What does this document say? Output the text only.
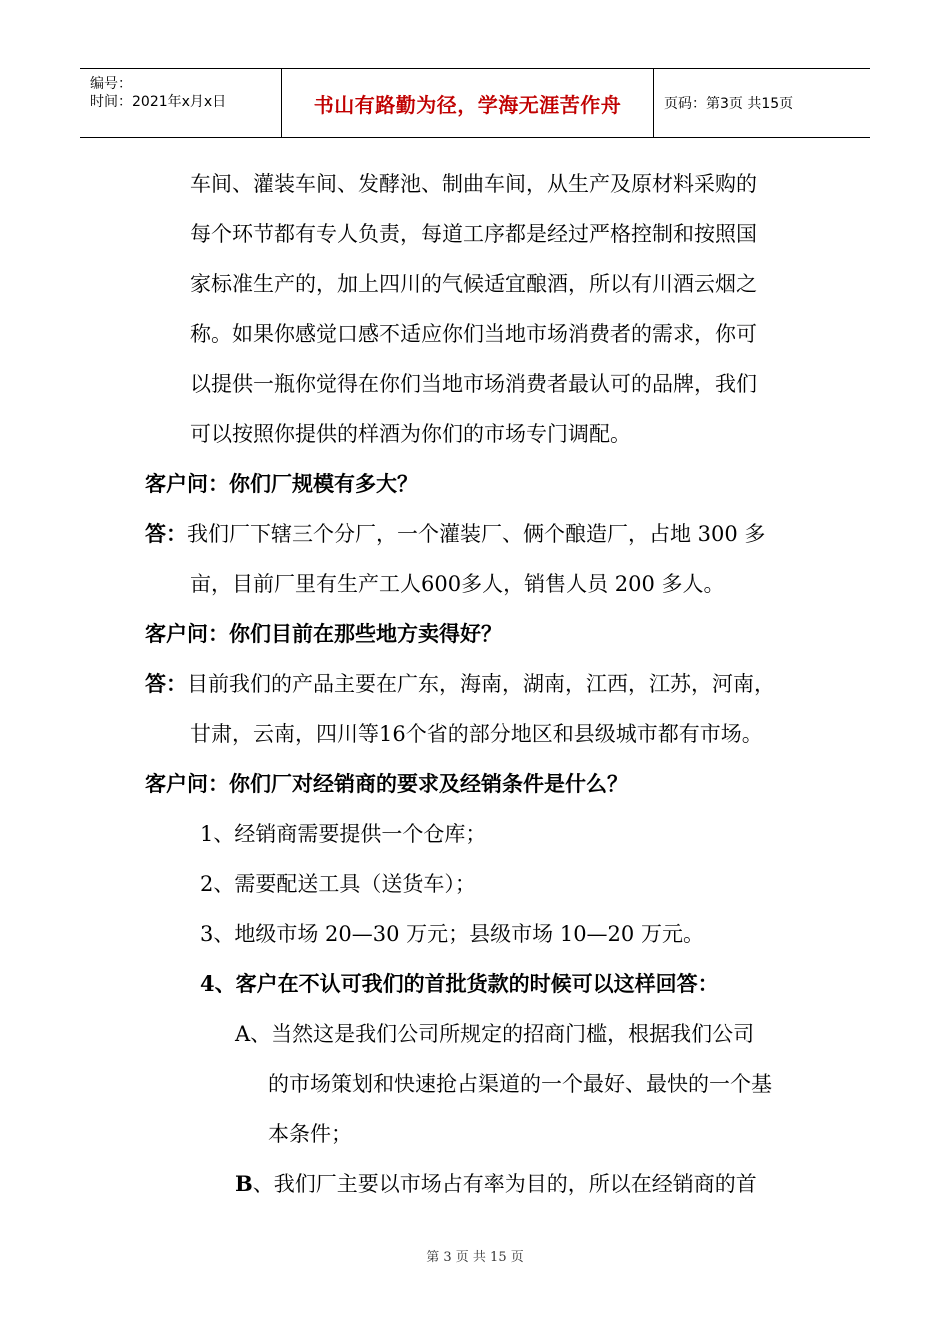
编号：
时间：2021年x月x日	书山有路勤为径，学海无涯苦作舟	页码：第3页 共15页
车间、灌装车间、发酵池、制曲车间，从生产及原材料采购的
每个环节都有专人负责，每道工序都是经过严格控制和按照国
家标准生产的，加上四川的气候适宜酿酒，所以有川酒云烟之
称。如果你感觉口感不适应你们当地市场消费者的需求，你可
以提供一瓶你觉得在你们当地市场消费者最认可的品牌，我们
可以按照你提供的样酒为你们的市场专门调配。
客户问：你们厂规模有多大？
答：我们厂下辖三个分厂，一个灌装厂、俩个酿造厂，占地 300 多
亩，目前厂里有生产工人600多人，销售人员 200 多人。
客户问：你们目前在那些地方卖得好？
答：目前我们的产品主要在广东，海南，湖南，江西，江苏，河南，
甘肃，云南，四川等16个省的部分地区和县级城市都有市场。
客户问：你们厂对经销商的要求及经销条件是什么？
1、经销商需要提供一个仓库；
2、需要配送工具（送货车）；
3、地级市场 20—30 万元；县级市场 10—20 万元。
4、客户在不认可我们的首批货款的时候可以这样回答：
A、当然这是我们公司所规定的招商门槛，根据我们公司
的市场策划和快速抢占渠道的一个最好、最快的一个基
本条件；
B、我们厂主要以市场占有率为目的，所以在经销商的首
第 3 页 共 15 页
